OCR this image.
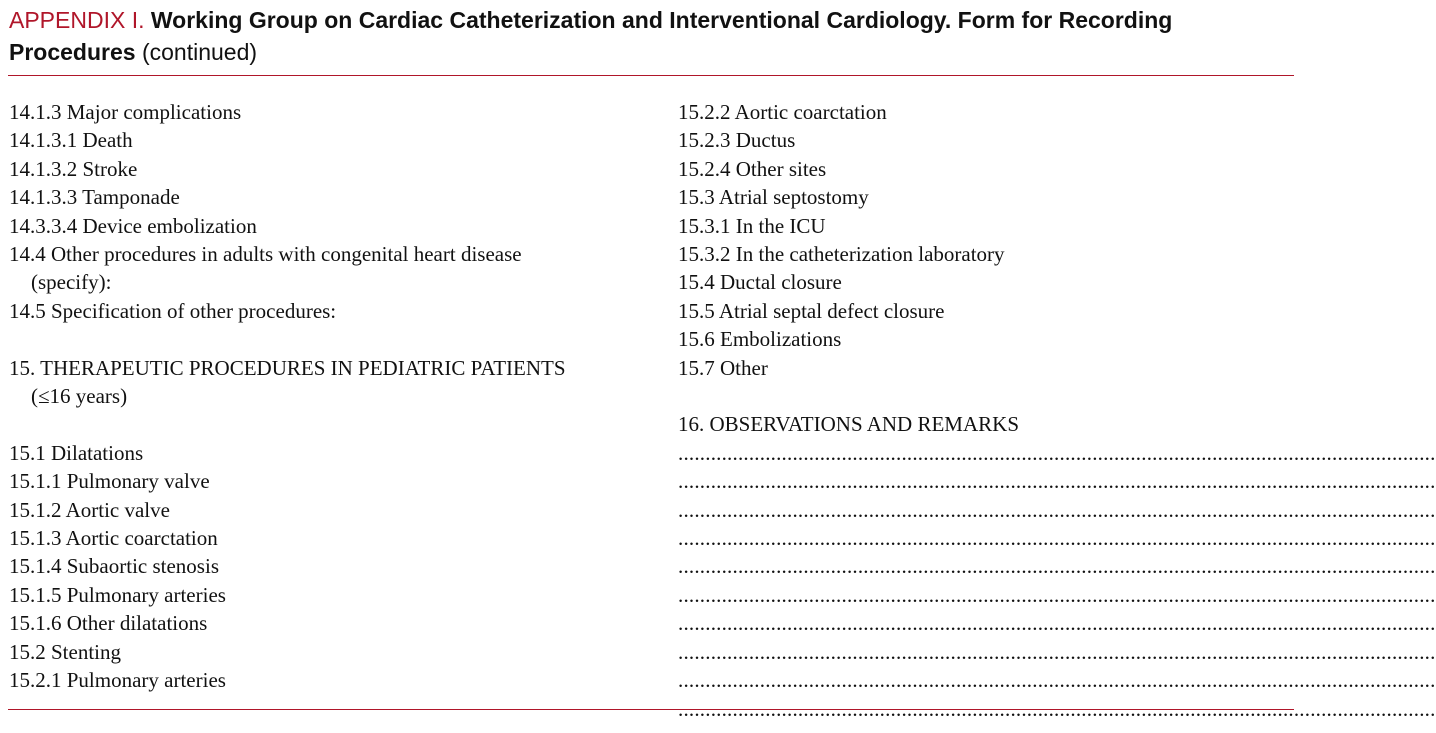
APPENDIX I. Working Group on Cardiac Catheterization and Interventional Cardiology. Form for Recording Procedures (continued)
14.1.3 Major complications
14.1.3.1 Death
14.1.3.2 Stroke
14.1.3.3 Tamponade
14.3.3.4 Device embolization
14.4 Other procedures in adults with congenital heart disease
(specify):
14.5 Specification of other procedures:
15. THERAPEUTIC PROCEDURES IN PEDIATRIC PATIENTS
(≤16 years)
15.1 Dilatations
15.1.1 Pulmonary valve
15.1.2 Aortic valve
15.1.3 Aortic coarctation
15.1.4 Subaortic stenosis
15.1.5 Pulmonary arteries
15.1.6 Other dilatations
15.2 Stenting
15.2.1 Pulmonary arteries
15.2.2 Aortic coarctation
15.2.3 Ductus
15.2.4 Other sites
15.3 Atrial septostomy
15.3.1 In the ICU
15.3.2 In the catheterization laboratory
15.4 Ductal closure
15.5 Atrial septal defect closure
15.6 Embolizations
15.7 Other
16. OBSERVATIONS AND REMARKS
...........................................................................................................................................
...........................................................................................................................................
...........................................................................................................................................
...........................................................................................................................................
...........................................................................................................................................
...........................................................................................................................................
...........................................................................................................................................
...........................................................................................................................................
...........................................................................................................................................
...........................................................................................................................................
